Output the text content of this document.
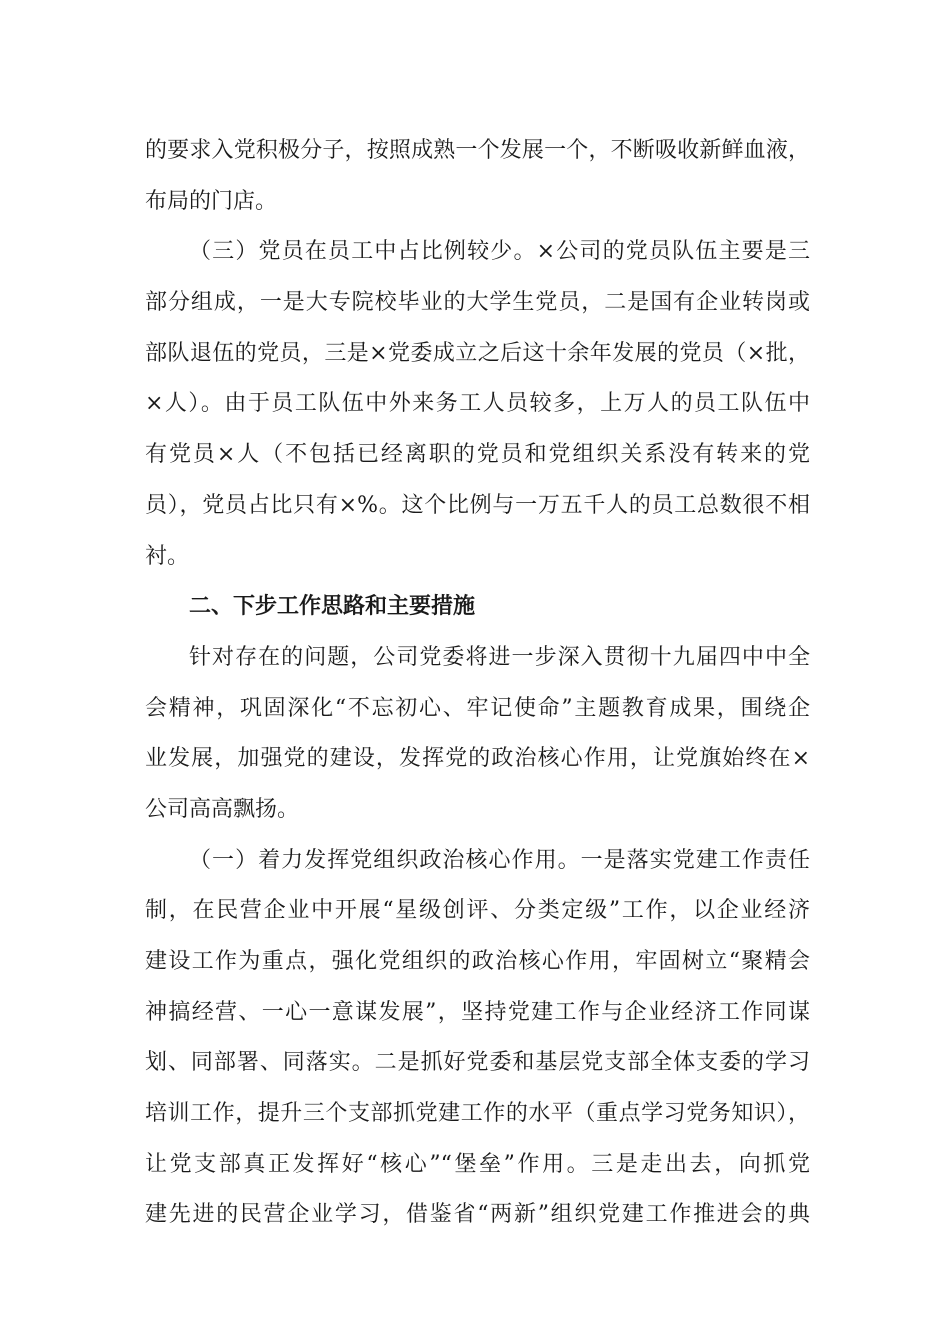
的要求入党积极分子，按照成熟一个发展一个，不断吸收新鲜血液，
布局的门店。
（三）党员在员工中占比例较少。×公司的党员队伍主要是三
部分组成，一是大专院校毕业的大学生党员，二是国有企业转岗或
部队退伍的党员，三是×党委成立之后这十余年发展的党员（×批，
×人）。由于员工队伍中外来务工人员较多，上万人的员工队伍中
有党员×人（不包括已经离职的党员和党组织关系没有转来的党
员），党员占比只有×%。这个比例与一万五千人的员工总数很不相
衬。
二、下步工作思路和主要措施
针对存在的问题，公司党委将进一步深入贯彻十九届四中中全
会精神，巩固深化“不忘初心、牢记使命”主题教育成果，围绕企
业发展，加强党的建设，发挥党的政治核心作用，让党旗始终在×
公司高高飘扬。
（一）着力发挥党组织政治核心作用。一是落实党建工作责任
制，在民营企业中开展“星级创评、分类定级”工作，以企业经济
建设工作为重点，强化党组织的政治核心作用，牢固树立“聚精会
神搞经营、一心一意谋发展”，坚持党建工作与企业经济工作同谋
划、同部署、同落实。二是抓好党委和基层党支部全体支委的学习
培训工作，提升三个支部抓党建工作的水平（重点学习党务知识），
让党支部真正发挥好“核心”“堡垒”作用。三是走出去，向抓党
建先进的民营企业学习，借鉴省“两新”组织党建工作推进会的典
